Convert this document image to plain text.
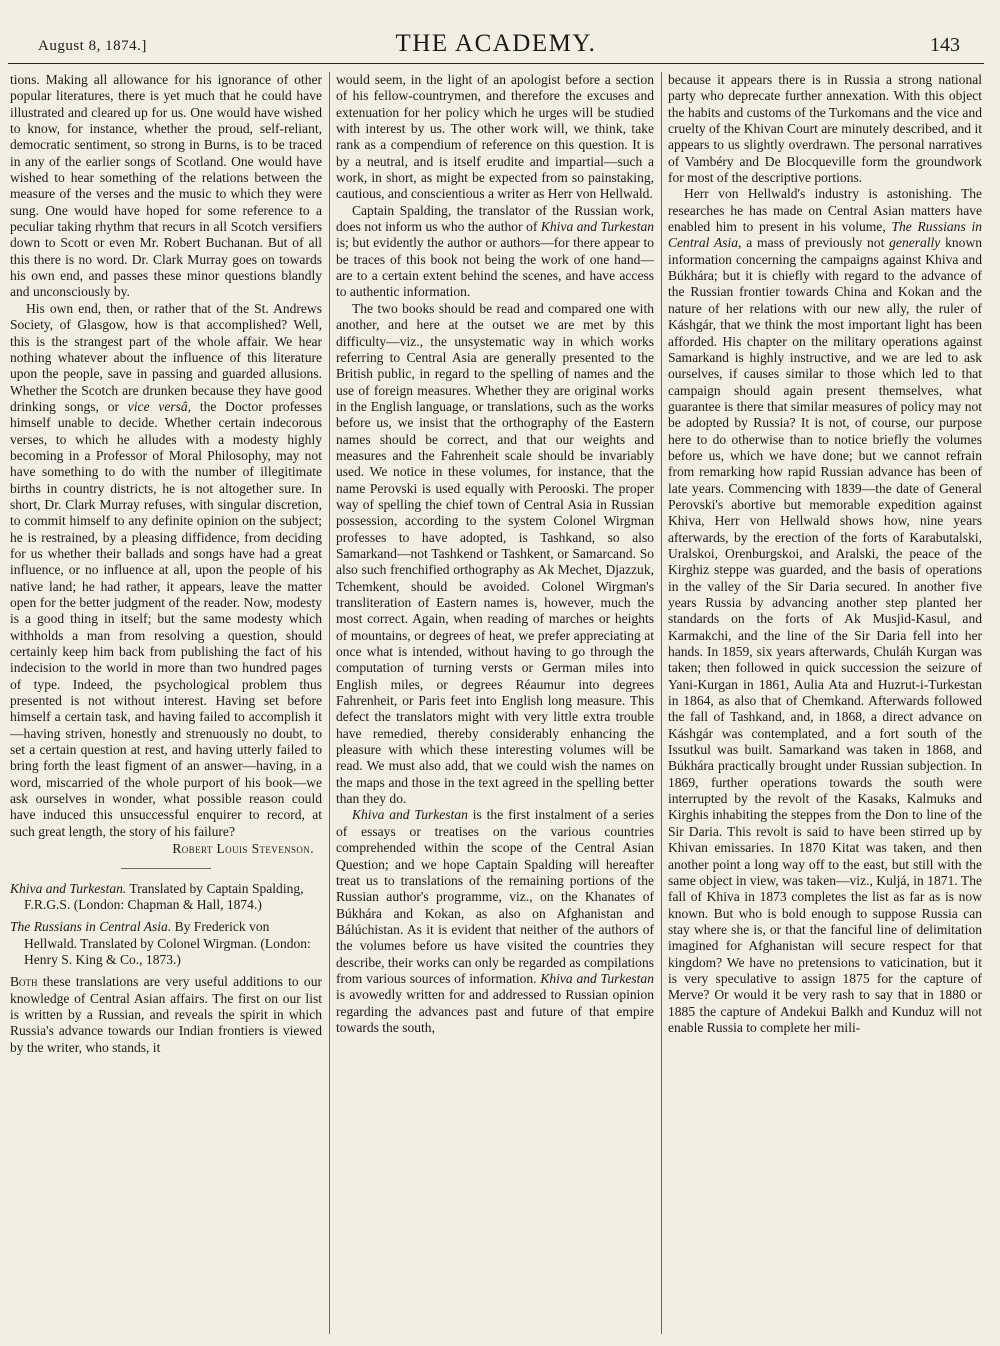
August 8, 1874.]	THE ACADEMY.	143

tions. Making all allowance for his ignorance of other popular literatures, there is yet much that he could have illustrated and cleared up for us. One would have wished to know, for instance, whether the proud, self-reliant, democratic sentiment, so strong in Burns, is to be traced in any of the earlier songs of Scotland. One would have wished to hear something of the relations between the measure of the verses and the music to which they were sung. One would have hoped for some reference to a peculiar taking rhythm that recurs in all Scotch versifiers down to Scott or even Mr. Robert Buchanan. But of all this there is no word. Dr. Clark Murray goes on towards his own end, and passes these minor questions blandly and unconsciously by.

His own end, then, or rather that of the St. Andrews Society, of Glasgow, how is that accomplished? Well, this is the strangest part of the whole affair. We hear nothing whatever about the influence of this literature upon the people, save in passing and guarded allusions. Whether the Scotch are drunken because they have good drinking songs, or vice versâ, the Doctor professes himself unable to decide. Whether certain indecorous verses, to which he alludes with a modesty highly becoming in a Professor of Moral Philosophy, may not have something to do with the number of illegitimate births in country districts, he is not altogether sure. In short, Dr. Clark Murray refuses, with singular discretion, to commit himself to any definite opinion on the subject; he is restrained, by a pleasing diffidence, from deciding for us whether their ballads and songs have had a great influence, or no influence at all, upon the people of his native land; he had rather, it appears, leave the matter open for the better judgment of the reader. Now, modesty is a good thing in itself; but the same modesty which withholds a man from resolving a question, should certainly keep him back from publishing the fact of his indecision to the world in more than two hundred pages of type. Indeed, the psychological problem thus presented is not without interest. Having set before himself a certain task, and having failed to accomplish it—having striven, honestly and strenuously no doubt, to set a certain question at rest, and having utterly failed to bring forth the least figment of an answer—having, in a word, miscarried of the whole purport of his book—we ask ourselves in wonder, what possible reason could have induced this unsuccessful enquirer to record, at such great length, the story of his failure?

Robert Louis Stevenson.

Khiva and Turkestan. Translated by Captain Spalding, F.R.G.S. (London: Chapman & Hall, 1874.)

The Russians in Central Asia. By Frederick von Hellwald. Translated by Colonel Wirgman. (London: Henry S. King & Co., 1873.)

Both these translations are very useful additions to our knowledge of Central Asian affairs. The first on our list is written by a Russian, and reveals the spirit in which Russia's advance towards our Indian frontiers is viewed by the writer, who stands, it

would seem, in the light of an apologist before a section of his fellow-countrymen, and therefore the excuses and extenuation for her policy which he urges will be studied with interest by us. The other work will, we think, take rank as a compendium of reference on this question. It is by a neutral, and is itself erudite and impartial—such a work, in short, as might be expected from so painstaking, cautious, and conscientious a writer as Herr von Hellwald.

Captain Spalding, the translator of the Russian work, does not inform us who the author of Khiva and Turkestan is; but evidently the author or authors—for there appear to be traces of this book not being the work of one hand—are to a certain extent behind the scenes, and have access to authentic information.

The two books should be read and compared one with another, and here at the outset we are met by this difficulty—viz., the unsystematic way in which works referring to Central Asia are generally presented to the British public, in regard to the spelling of names and the use of foreign measures. Whether they are original works in the English language, or translations, such as the works before us, we insist that the orthography of the Eastern names should be correct, and that our weights and measures and the Fahrenheit scale should be invariably used. We notice in these volumes, for instance, that the name Perovski is used equally with Perooski. The proper way of spelling the chief town of Central Asia in Russian possession, according to the system Colonel Wirgman professes to have adopted, is Tashkand, so also Samarkand—not Tashkend or Tashkent, or Samarcand. So also such frenchified orthography as Ak Mechet, Djazzuk, Tchemkent, should be avoided. Colonel Wirgman's transliteration of Eastern names is, however, much the most correct. Again, when reading of marches or heights of mountains, or degrees of heat, we prefer appreciating at once what is intended, without having to go through the computation of turning versts or German miles into English miles, or degrees Réaumur into degrees Fahrenheit, or Paris feet into English long measure. This defect the translators might with very little extra trouble have remedied, thereby considerably enhancing the pleasure with which these interesting volumes will be read. We must also add, that we could wish the names on the maps and those in the text agreed in the spelling better than they do.

Khiva and Turkestan is the first instalment of a series of essays or treatises on the various countries comprehended within the scope of the Central Asian Question; and we hope Captain Spalding will hereafter treat us to translations of the remaining portions of the Russian author's programme, viz., on the Khanates of Búkhára and Kokan, as also on Afghanistan and Bálúchistan. As it is evident that neither of the authors of the volumes before us have visited the countries they describe, their works can only be regarded as compilations from various sources of information. Khiva and Turkestan is avowedly written for and addressed to Russian opinion regarding the advances past and future of that empire towards the south,

because it appears there is in Russia a strong national party who deprecate further annexation. With this object the habits and customs of the Turkomans and the vice and cruelty of the Khivan Court are minutely described, and it appears to us slightly overdrawn. The personal narratives of Vambéry and De Blocqueville form the groundwork for most of the descriptive portions.

Herr von Hellwald's industry is astonishing. The researches he has made on Central Asian matters have enabled him to present in his volume, The Russians in Central Asia, a mass of previously not generally known information concerning the campaigns against Khiva and Búkhára; but it is chiefly with regard to the advance of the Russian frontier towards China and Kokan and the nature of her relations with our new ally, the ruler of Káshgár, that we think the most important light has been afforded. His chapter on the military operations against Samarkand is highly instructive, and we are led to ask ourselves, if causes similar to those which led to that campaign should again present themselves, what guarantee is there that similar measures of policy may not be adopted by Russia? It is not, of course, our purpose here to do otherwise than to notice briefly the volumes before us, which we have done; but we cannot refrain from remarking how rapid Russian advance has been of late years. Commencing with 1839—the date of General Perovski's abortive but memorable expedition against Khiva, Herr von Hellwald shows how, nine years afterwards, by the erection of the forts of Karabutalski, Uralskoi, Orenburgskoi, and Aralski, the peace of the Kirghiz steppe was guarded, and the basis of operations in the valley of the Sir Daria secured. In another five years Russia by advancing another step planted her standards on the forts of Ak Musjid-Kasul, and Karmakchi, and the line of the Sir Daria fell into her hands. In 1859, six years afterwards, Chuláh Kurgan was taken; then followed in quick succession the seizure of Yani-Kurgan in 1861, Aulia Ata and Huzrut-i-Turkestan in 1864, as also that of Chemkand. Afterwards followed the fall of Tashkand, and, in 1868, a direct advance on Káshgár was contemplated, and a fort south of the Issutkul was built. Samarkand was taken in 1868, and Búkhára practically brought under Russian subjection. In 1869, further operations towards the south were interrupted by the revolt of the Kasaks, Kalmuks and Kirghis inhabiting the steppes from the Don to line of the Sir Daria. This revolt is said to have been stirred up by Khivan emissaries. In 1870 Kitat was taken, and then another point a long way off to the east, but still with the same object in view, was taken—viz., Kuljá, in 1871. The fall of Khiva in 1873 completes the list as far as is now known. But who is bold enough to suppose Russia can stay where she is, or that the fanciful line of delimitation imagined for Afghanistan will secure respect for that kingdom? We have no pretensions to vaticination, but it is very speculative to assign 1875 for the capture of Merve? Or would it be very rash to say that in 1880 or 1885 the capture of Andekui Balkh and Kunduz will not enable Russia to complete her mili-
